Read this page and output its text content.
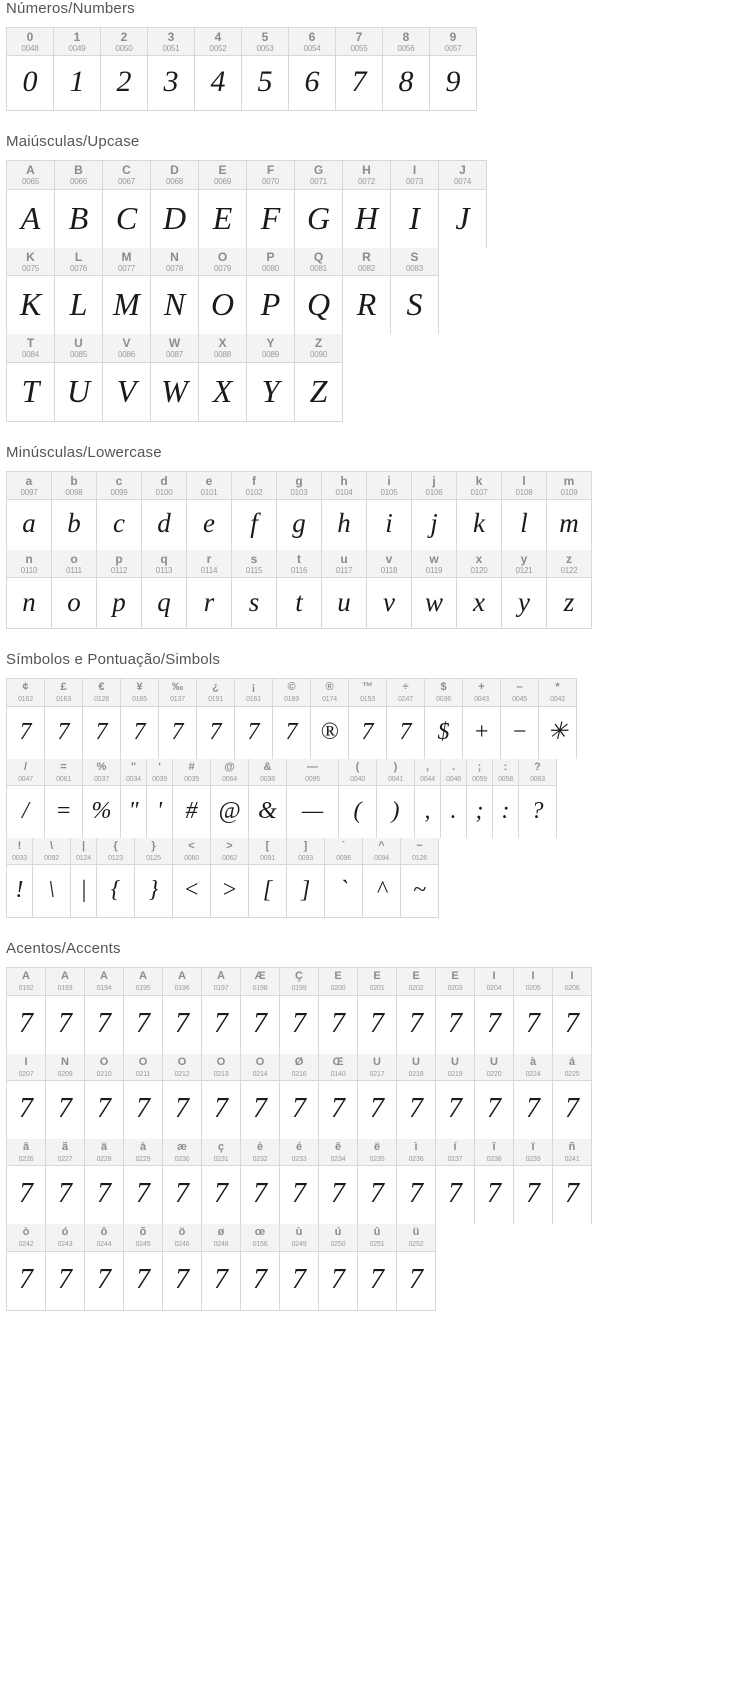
Números/Numbers
0
0048
0
1
0049
1
2
0050
2
3
0051
3
4
0052
4
5
0053
5
6
0054
6
7
0055
7
8
0056
8
9
0057
9
Maiúsculas/Upcase
A
0065
A
B
0066
B
C
0067
C
D
0068
D
E
0069
E
F
0070
F
G
0071
G
H
0072
H
I
0073
I
J
0074
J
K
0075
K
L
0076
L
M
0077
M
N
0078
N
O
0079
O
P
0080
P
Q
0081
Q
R
0082
R
S
0083
S
T
0084
T
U
0085
U
V
0086
V
W
0087
W
X
0088
X
Y
0089
Y
Z
0090
Z
Minúsculas/Lowercase
a
0097
a
b
0098
b
c
0099
c
d
0100
d
e
0101
e
f
0102
f
g
0103
g
h
0104
h
i
0105
i
j
0106
j
k
0107
k
l
0108
l
m
0109
m
n
0110
n
o
0111
o
p
0112
p
q
0113
q
r
0114
r
s
0115
s
t
0116
t
u
0117
u
v
0118
v
w
0119
w
x
0120
x
y
0121
y
z
0122
z
Símbolos e Pontuação/Simbols
¢
0162
7
£
0163
7
€
0128
7
¥
0165
7
‰
0137
7
¿
0191
7
¡
0161
7
©
0169
7
®
0174
®
™
0153
7
÷
0247
7
$
0036
$
+
0043
+
–
0045
−
*
0042
✳
/
0047
/
=
0061
=
%
0037
%
"
0034
"
'
0039
'
#
0035
#
@
0064
@
&
0038
&
—
0095
—
(
0040
(
)
0041
)
,
0044
,
.
0046
.
;
0059
;
:
0058
:
?
0063
?
!
0033
!
\
0092
\
|
0124
|
{
0123
{
}
0125
}
<
0060
<
>
0062
>
[
0091
[
]
0093
]
`
0096
`
^
0094
^
~
0126
~
Acentos/Accents
À
0192
7
Á
0193
7
Â
0194
7
Ã
0195
7
Ä
0196
7
Å
0197
7
Æ
0198
7
Ç
0199
7
È
0200
7
É
0201
7
Ê
0202
7
Ë
0203
7
Ì
0204
7
Í
0205
7
Î
0206
7
Ï
0207
7
Ñ
0209
7
Ò
0210
7
Ó
0211
7
Ô
0212
7
Õ
0213
7
Ö
0214
7
Ø
0216
7
Œ
0140
7
Ù
0217
7
Ú
0218
7
Û
0219
7
Ü
0220
7
à
0224
7
á
0225
7
â
0226
7
ã
0227
7
ä
0228
7
å
0229
7
æ
0230
7
ç
0231
7
è
0232
7
é
0233
7
ê
0234
7
ë
0235
7
ì
0236
7
í
0237
7
î
0238
7
ï
0239
7
ñ
0241
7
ò
0242
7
ó
0243
7
ô
0244
7
õ
0245
7
ö
0246
7
ø
0248
7
œ
0156
7
ù
0249
7
ú
0250
7
û
0251
7
ü
0252
7
